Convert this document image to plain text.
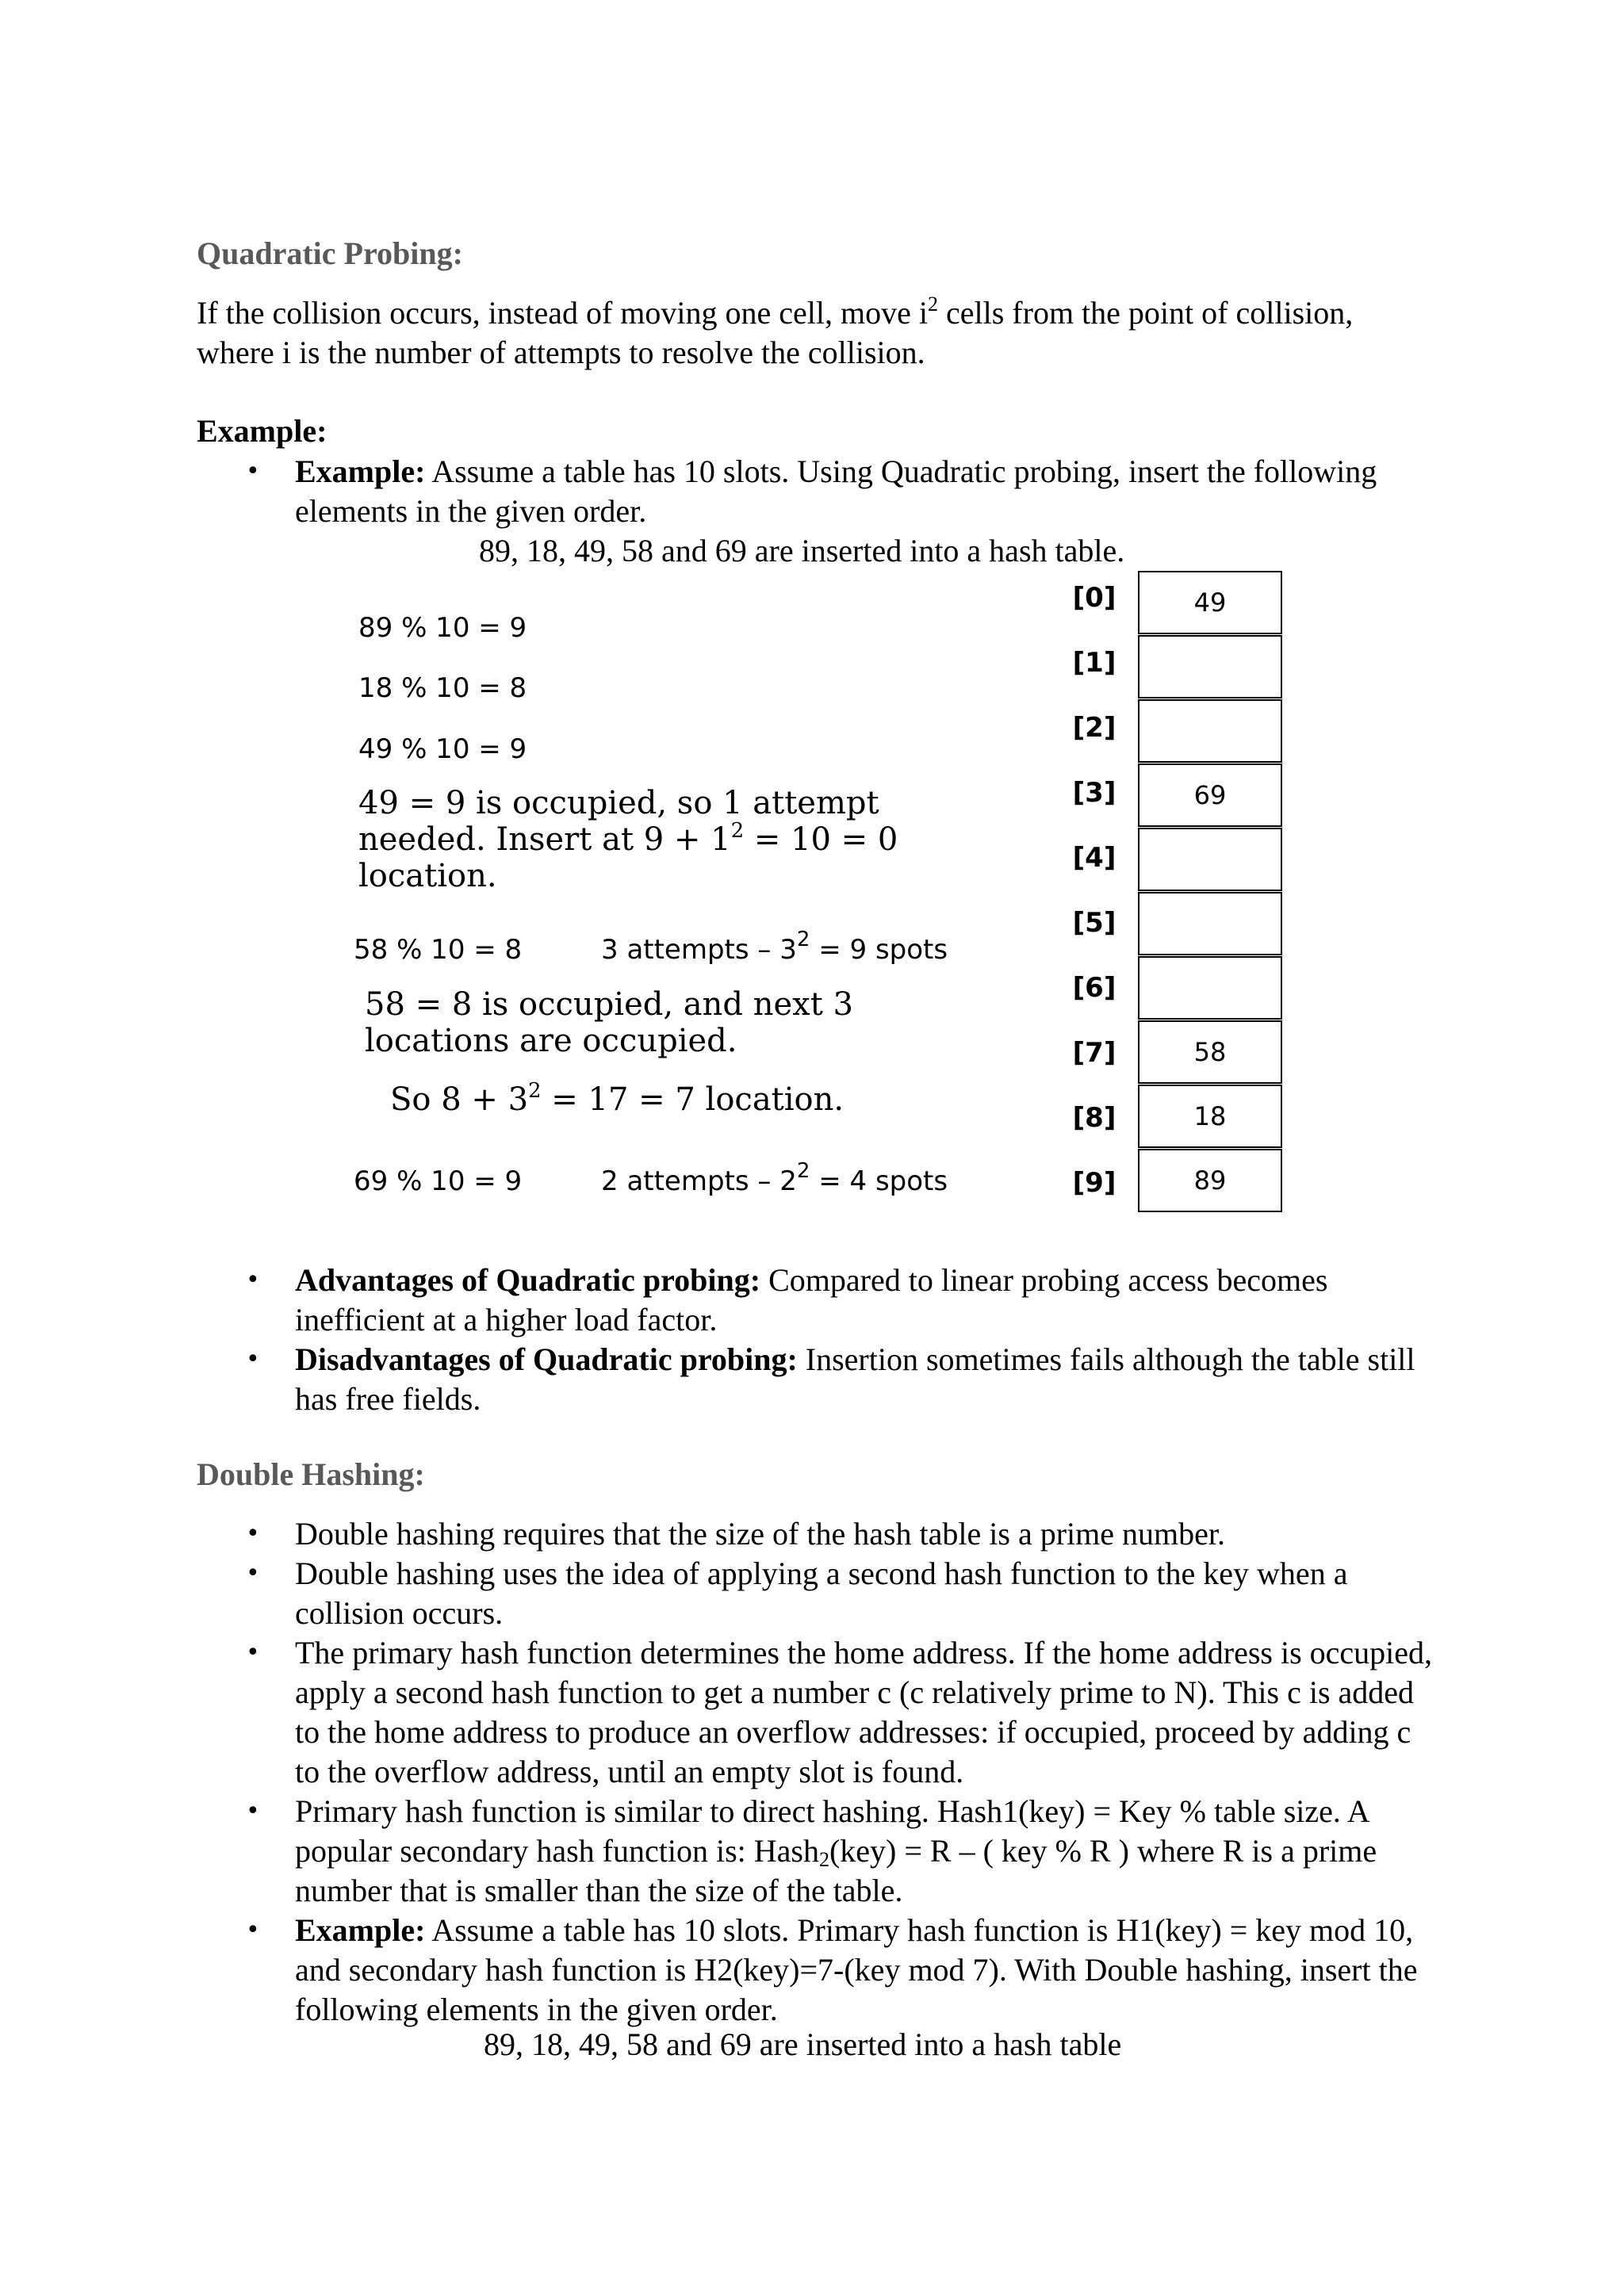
Quadratic Probing:
If the collision occurs, instead of moving one cell, move $i^2$ cells from the point of collision, where i is the number of attempts to resolve the collision.
Example:
• Example: Assume a table has 10 slots. Using Quadratic probing, insert the following elements in the given order.
89, 18, 49, 58 and 69 are inserted into a hash table.
89 % 10 = 9
18 % 10 = 8
49 % 10 = 9
49 = 9 is occupied, so 1 attempt
needed. Insert at $9 + 1^2 = 10 = 0$
location.
58 % 10 = 8	3 attempts – $3^2 = 9$ spots
58 = 8 is occupied, and next 3
locations are occupied.
So $8 + 3^2 = 17 = 7$ location.
69 % 10 = 9	2 attempts – $2^2 = 4$ spots
[0]
[1]
[2]
[3]
[4]
[5]
[6]
[7]
[8]
[9]
49
69
58
18
89
• Advantages of Quadratic probing: Compared to linear probing access becomes inefficient at a higher load factor.
• Disadvantages of Quadratic probing: Insertion sometimes fails although the table still has free fields.
Double Hashing:
• Double hashing requires that the size of the hash table is a prime number.
• Double hashing uses the idea of applying a second hash function to the key when a collision occurs.
• The primary hash function determines the home address. If the home address is occupied, apply a second hash function to get a number c (c relatively prime to N). This c is added to the home address to produce an overflow addresses: if occupied, proceed by adding c to the overflow address, until an empty slot is found.
• Primary hash function is similar to direct hashing. Hash1(key) = Key % table size. A popular secondary hash function is: Hash$_2$(key) = R – ( key % R ) where R is a prime number that is smaller than the size of the table.
• Example: Assume a table has 10 slots. Primary hash function is H1(key) = key mod 10, and secondary hash function is H2(key)=7-(key mod 7). With Double hashing, insert the following elements in the given order.
89, 18, 49, 58 and 69 are inserted into a hash table
